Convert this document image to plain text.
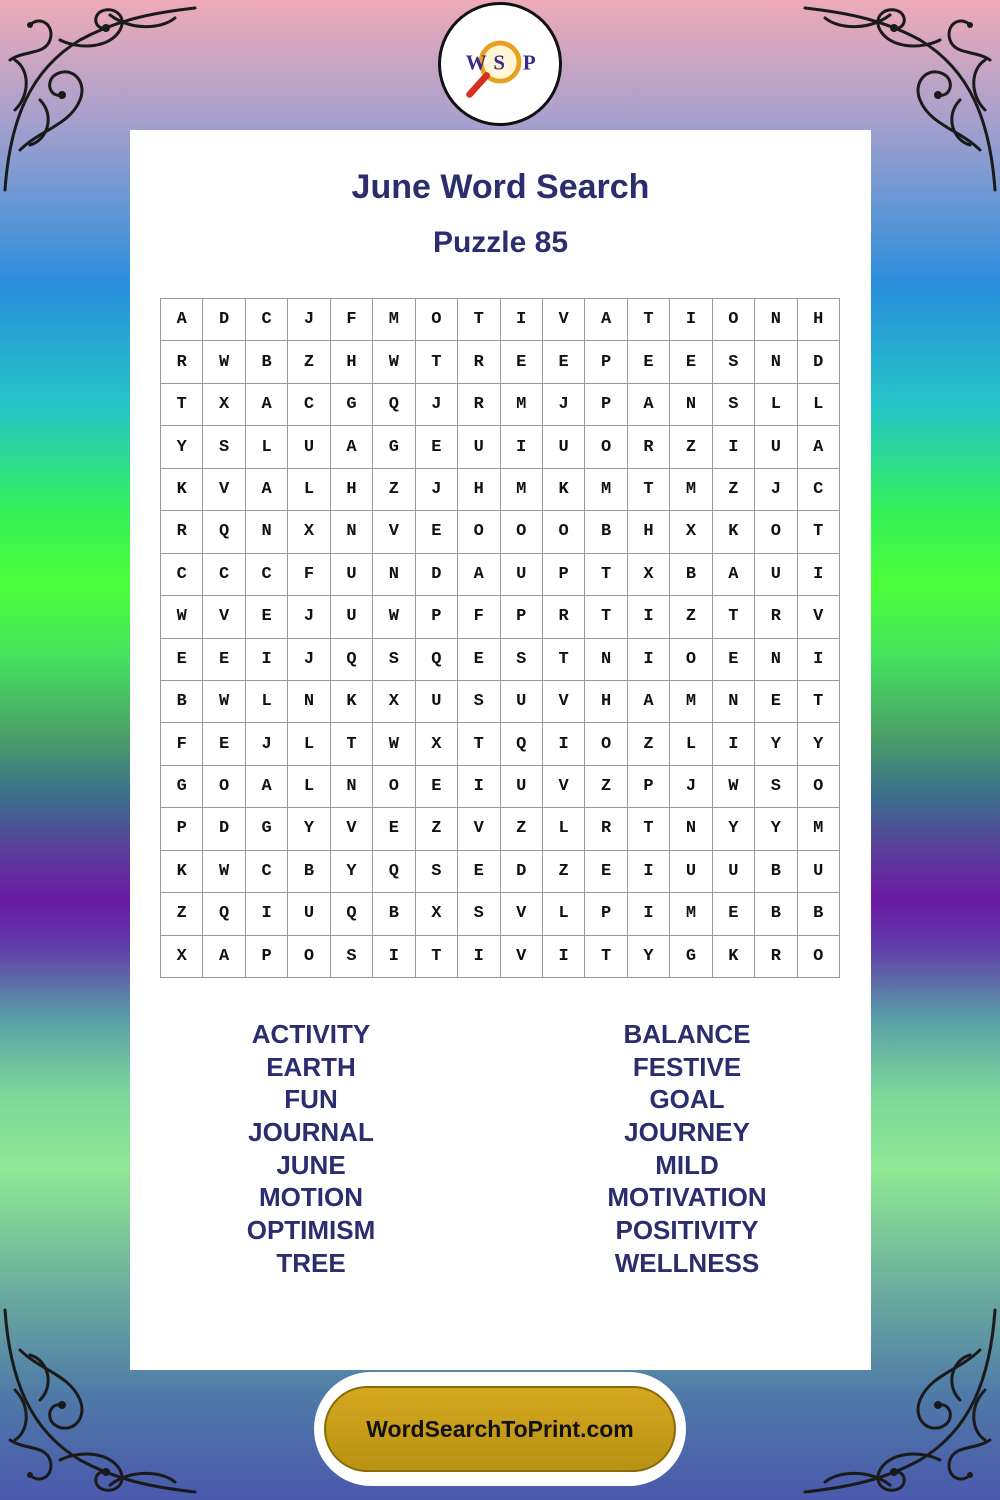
W S P
June Word Search
Puzzle 85
A	D	C	J	F	M	O	T	I	V	A	T	I	O	N	H
R	W	B	Z	H	W	T	R	E	E	P	E	E	S	N	D
T	X	A	C	G	Q	J	R	M	J	P	A	N	S	L	L
Y	S	L	U	A	G	E	U	I	U	O	R	Z	I	U	A
K	V	A	L	H	Z	J	H	M	K	M	T	M	Z	J	C
R	Q	N	X	N	V	E	O	O	O	B	H	X	K	O	T
C	C	C	F	U	N	D	A	U	P	T	X	B	A	U	I
W	V	E	J	U	W	P	F	P	R	T	I	Z	T	R	V
E	E	I	J	Q	S	Q	E	S	T	N	I	O	E	N	I
B	W	L	N	K	X	U	S	U	V	H	A	M	N	E	T
F	E	J	L	T	W	X	T	Q	I	O	Z	L	I	Y	Y
G	O	A	L	N	O	E	I	U	V	Z	P	J	W	S	O
P	D	G	Y	V	E	Z	V	Z	L	R	T	N	Y	Y	M
K	W	C	B	Y	Q	S	E	D	Z	E	I	U	U	B	U
Z	Q	I	U	Q	B	X	S	V	L	P	I	M	E	B	B
X	A	P	O	S	I	T	I	V	I	T	Y	G	K	R	O
ACTIVITY
EARTH
FUN
JOURNAL
JUNE
MOTION
OPTIMISM
TREE
BALANCE
FESTIVE
GOAL
JOURNEY
MILD
MOTIVATION
POSITIVITY
WELLNESS
WordSearchToPrint.com
